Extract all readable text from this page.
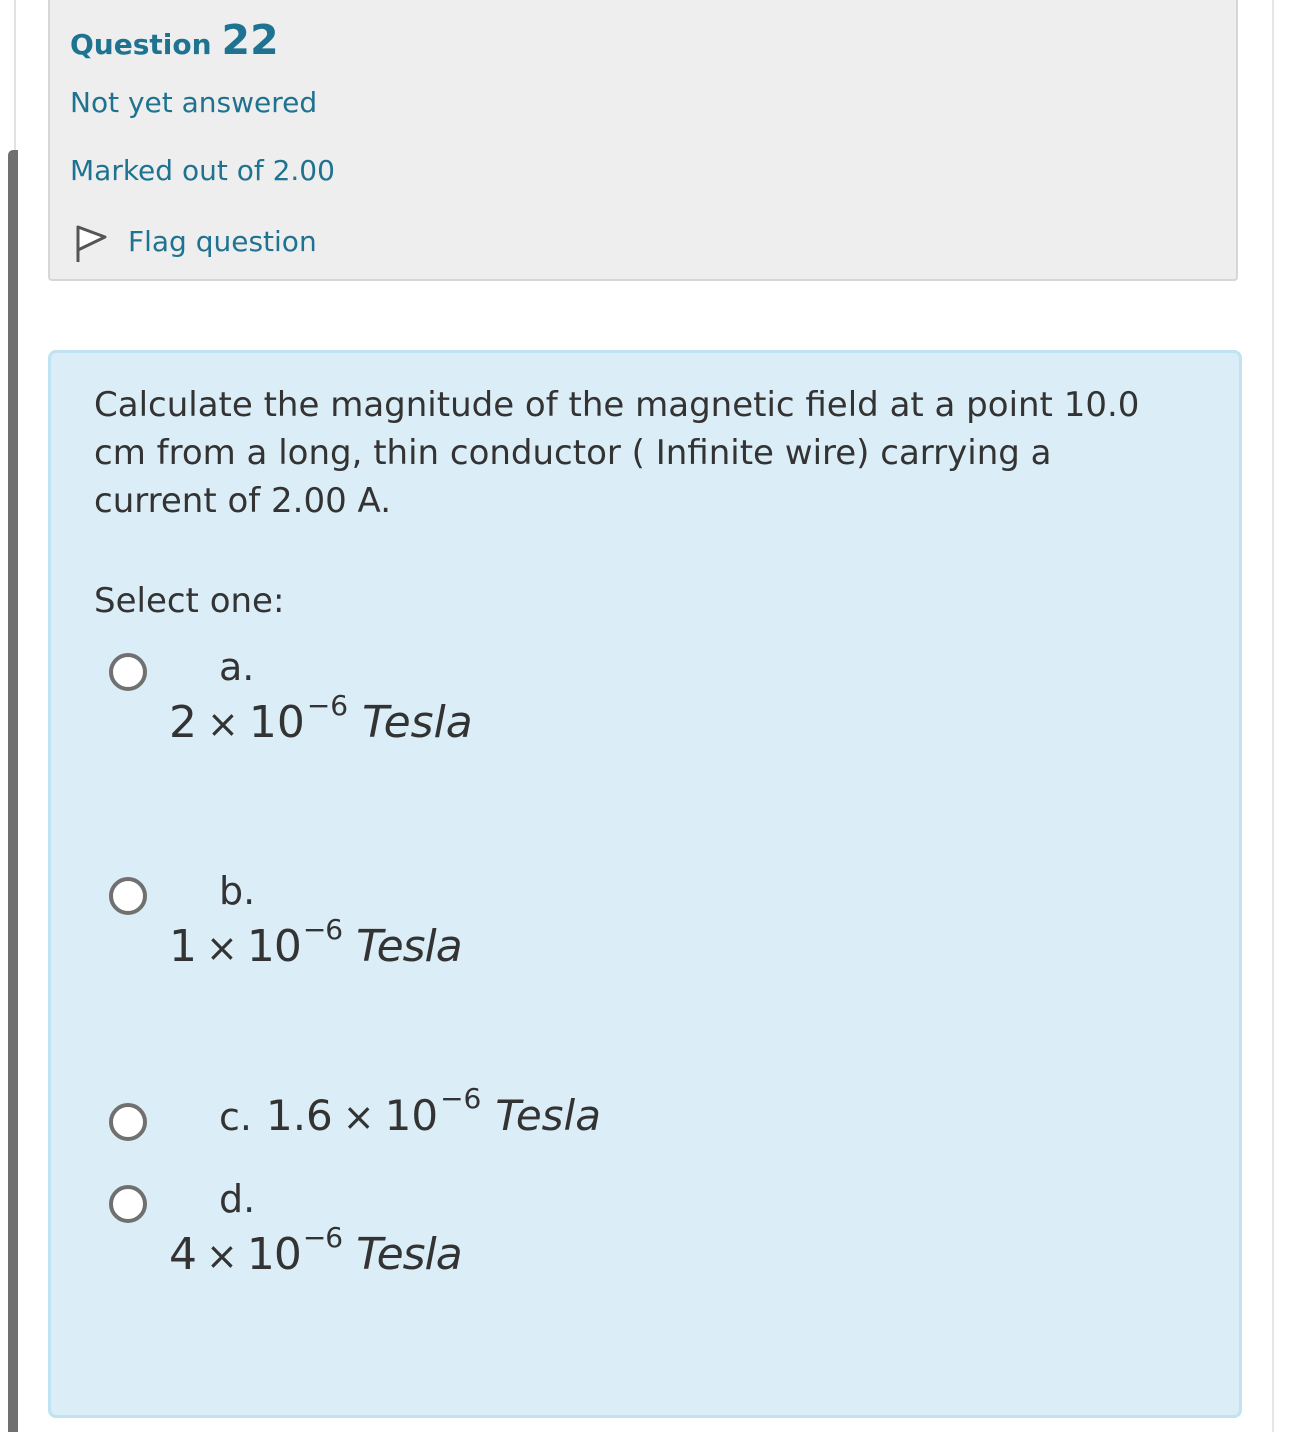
Question 22
Not yet answered
Marked out of 2.00
Flag question
Calculate the magnitude of the magnetic field at a point 10.0 cm from a long, thin conductor ( Infinite wire) carrying a current of 2.00 A.
Select one:
a.
$2 \times 10^{-6}$ Tesla
b.
$1 \times 10^{-6}$ Tesla
c. $1.6 \times 10^{-6}$ Tesla
d.
$4 \times 10^{-6}$ Tesla
